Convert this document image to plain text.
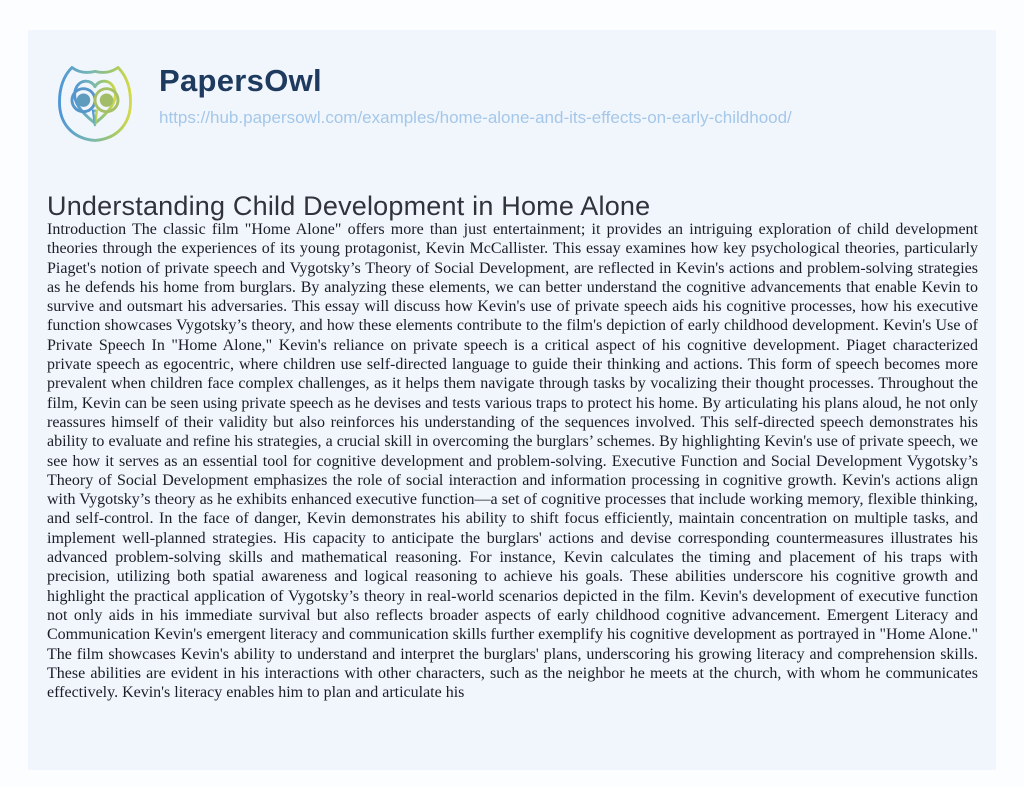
PapersOwl
https://hub.papersowl.com/examples/home-alone-and-its-effects-on-early-childhood/
Understanding Child Development in Home Alone
Introduction The classic film "Home Alone" offers more than just entertainment; it provides an intriguing exploration of child development theories through the experiences of its young protagonist, Kevin McCallister. This essay examines how key psychological theories, particularly Piaget's notion of private speech and Vygotsky’s Theory of Social Development, are reflected in Kevin's actions and problem-solving strategies as he defends his home from burglars. By analyzing these elements, we can better understand the cognitive advancements that enable Kevin to survive and outsmart his adversaries. This essay will discuss how Kevin's use of private speech aids his cognitive processes, how his executive function showcases Vygotsky’s theory, and how these elements contribute to the film's depiction of early childhood development. Kevin's Use of Private Speech In "Home Alone," Kevin's reliance on private speech is a critical aspect of his cognitive development. Piaget characterized private speech as egocentric, where children use self-directed language to guide their thinking and actions. This form of speech becomes more prevalent when children face complex challenges, as it helps them navigate through tasks by vocalizing their thought processes. Throughout the film, Kevin can be seen using private speech as he devises and tests various traps to protect his home. By articulating his plans aloud, he not only reassures himself of their validity but also reinforces his understanding of the sequences involved. This self-directed speech demonstrates his ability to evaluate and refine his strategies, a crucial skill in overcoming the burglars’ schemes. By highlighting Kevin's use of private speech, we see how it serves as an essential tool for cognitive development and problem-solving. Executive Function and Social Development Vygotsky’s Theory of Social Development emphasizes the role of social interaction and information processing in cognitive growth. Kevin's actions align with Vygotsky’s theory as he exhibits enhanced executive function—a set of cognitive processes that include working memory, flexible thinking, and self-control. In the face of danger, Kevin demonstrates his ability to shift focus efficiently, maintain concentration on multiple tasks, and implement well-planned strategies. His capacity to anticipate the burglars' actions and devise corresponding countermeasures illustrates his advanced problem-solving skills and mathematical reasoning. For instance, Kevin calculates the timing and placement of his traps with precision, utilizing both spatial awareness and logical reasoning to achieve his goals. These abilities underscore his cognitive growth and highlight the practical application of Vygotsky’s theory in real-world scenarios depicted in the film. Kevin's development of executive function not only aids in his immediate survival but also reflects broader aspects of early childhood cognitive advancement. Emergent Literacy and Communication Kevin's emergent literacy and communication skills further exemplify his cognitive development as portrayed in "Home Alone." The film showcases Kevin's ability to understand and interpret the burglars' plans, underscoring his growing literacy and comprehension skills. These abilities are evident in his interactions with other characters, such as the neighbor he meets at the church, with whom he communicates effectively. Kevin's literacy enables him to plan and articulate his
